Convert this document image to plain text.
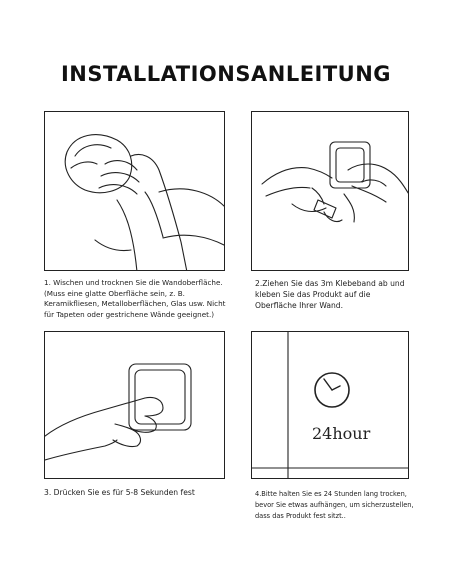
INSTALLATIONSANLEITUNG
24hour
1. Wischen und trocknen Sie die Wandoberfläche.
(Muss eine glatte Oberfläche sein, z. B.
Keramikfliesen, Metalloberflächen, Glas usw. Nicht
für Tapeten oder gestrichene Wände geeignet.)
2.Ziehen Sie das 3m Klebeband ab und
kleben Sie das Produkt auf die
Oberfläche Ihrer Wand.
3. Drücken Sie es für 5-8 Sekunden fest	4.Bitte halten Sie es 24 Stunden lang trocken,
bevor Sie etwas aufhängen, um sicherzustellen,
dass das Produkt fest sitzt..
